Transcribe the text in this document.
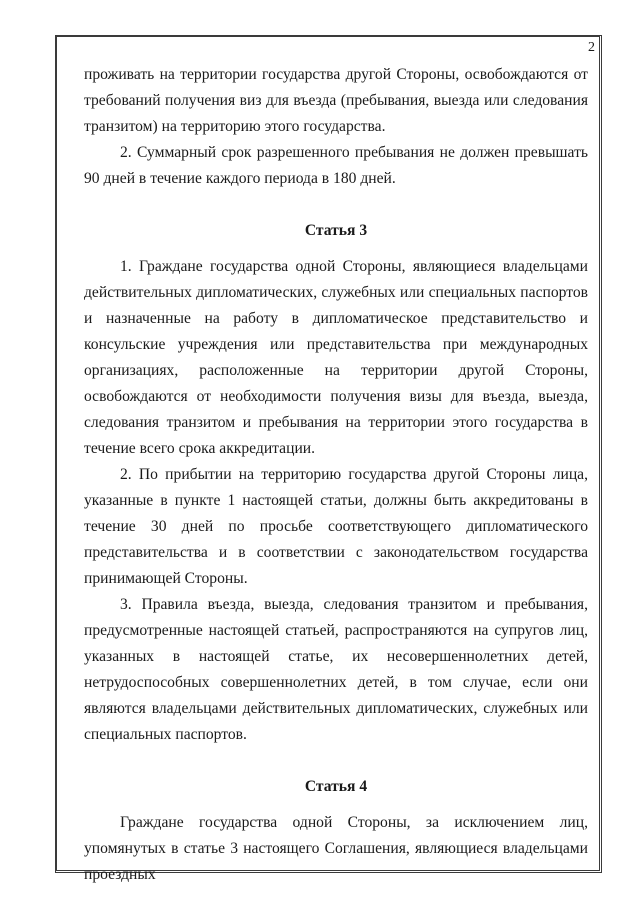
2

проживать на территории государства другой Стороны, освобождаются от требований получения виз для въезда (пребывания, выезда или следования транзитом) на территорию этого государства.

2. Суммарный срок разрешенного пребывания не должен превышать 90 дней в течение каждого периода в 180 дней.

Статья 3

1. Граждане государства одной Стороны, являющиеся владельцами действительных дипломатических, служебных или специальных паспортов и назначенные на работу в дипломатическое представительство и консульские учреждения или представительства при международных организациях, расположенные на территории другой Стороны, освобождаются от необходимости получения визы для въезда, выезда, следования транзитом и пребывания на территории этого государства в течение всего срока аккредитации.

2. По прибытии на территорию государства другой Стороны лица, указанные в пункте 1 настоящей статьи, должны быть аккредитованы в течение 30 дней по просьбе соответствующего дипломатического представительства и в соответствии с законодательством государства принимающей Стороны.

3. Правила въезда, выезда, следования транзитом и пребывания, предусмотренные настоящей статьей, распространяются на супругов лиц, указанных в настоящей статье, их несовершеннолетних детей, нетрудоспособных совершеннолетних детей, в том случае, если они являются владельцами действительных дипломатических, служебных или специальных паспортов.

Статья 4

Граждане государства одной Стороны, за исключением лиц, упомянутых в статье 3 настоящего Соглашения, являющиеся владельцами проездных
